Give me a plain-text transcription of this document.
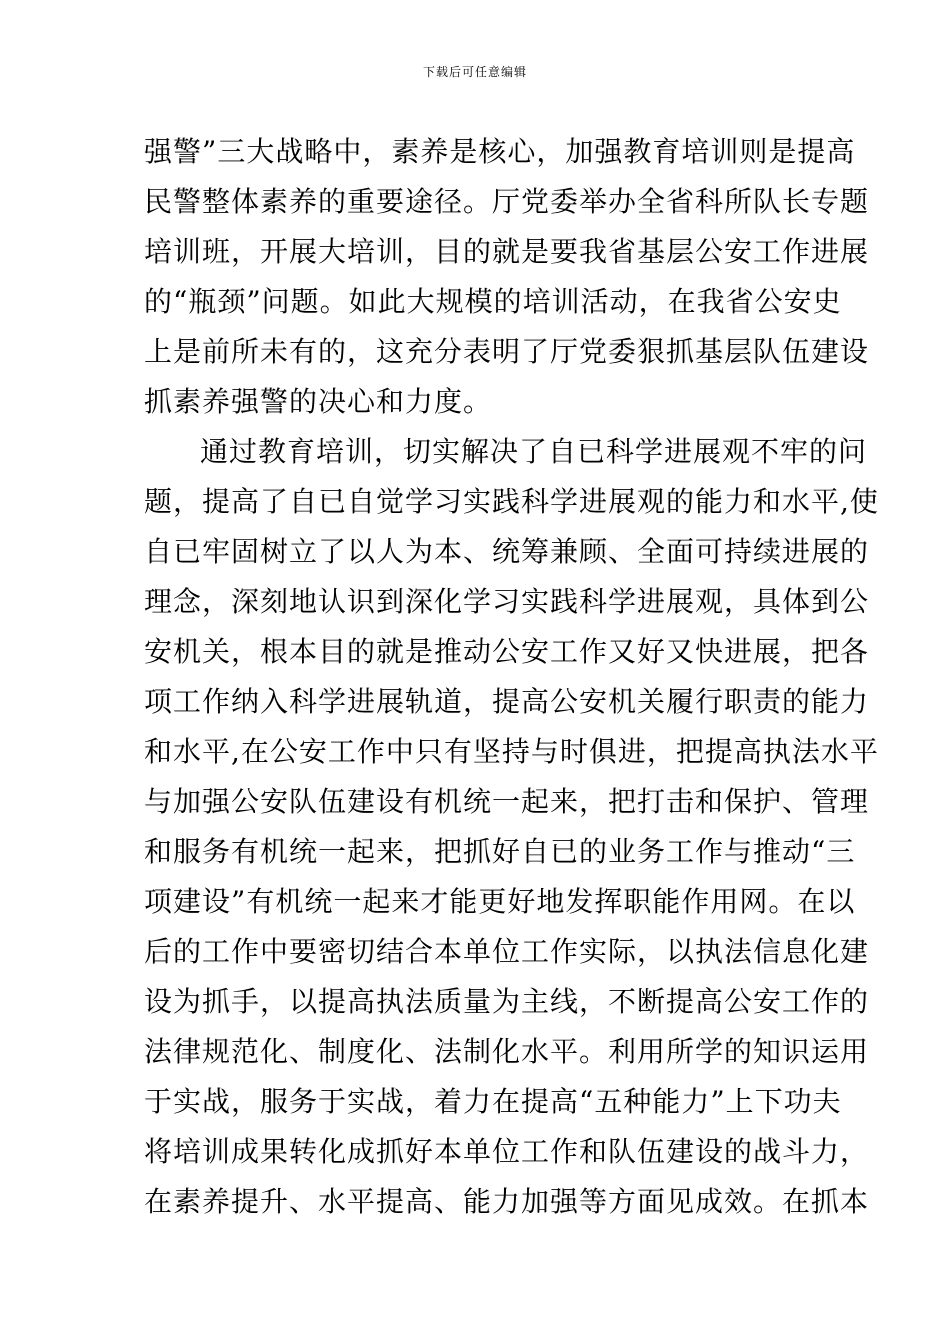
下载后可任意编辑
强警”三大战略中，素养是核心，加强教育培训则是提高
民警整体素养的重要途径。厅党委举办全省科所队长专题
培训班，开展大培训，目的就是要我省基层公安工作进展
的“瓶颈”问题。如此大规模的培训活动，在我省公安史
上是前所未有的，这充分表明了厅党委狠抓基层队伍建设
抓素养强警的决心和力度。
通过教育培训，切实解决了自已科学进展观不牢的问
题，提高了自已自觉学习实践科学进展观的能力和水平,使
自已牢固树立了以人为本、统筹兼顾、全面可持续进展的
理念，深刻地认识到深化学习实践科学进展观，具体到公
安机关，根本目的就是推动公安工作又好又快进展，把各
项工作纳入科学进展轨道，提高公安机关履行职责的能力
和水平,在公安工作中只有坚持与时俱进，把提高执法水平
与加强公安队伍建设有机统一起来，把打击和保护、管理
和服务有机统一起来，把抓好自已的业务工作与推动“三
项建设”有机统一起来才能更好地发挥职能作用网。在以
后的工作中要密切结合本单位工作实际，以执法信息化建
设为抓手，以提高执法质量为主线，不断提高公安工作的
法律规范化、制度化、法制化水平。利用所学的知识运用
于实战，服务于实战，着力在提高“五种能力”上下功夫
将培训成果转化成抓好本单位工作和队伍建设的战斗力，
在素养提升、水平提高、能力加强等方面见成效。在抓本
